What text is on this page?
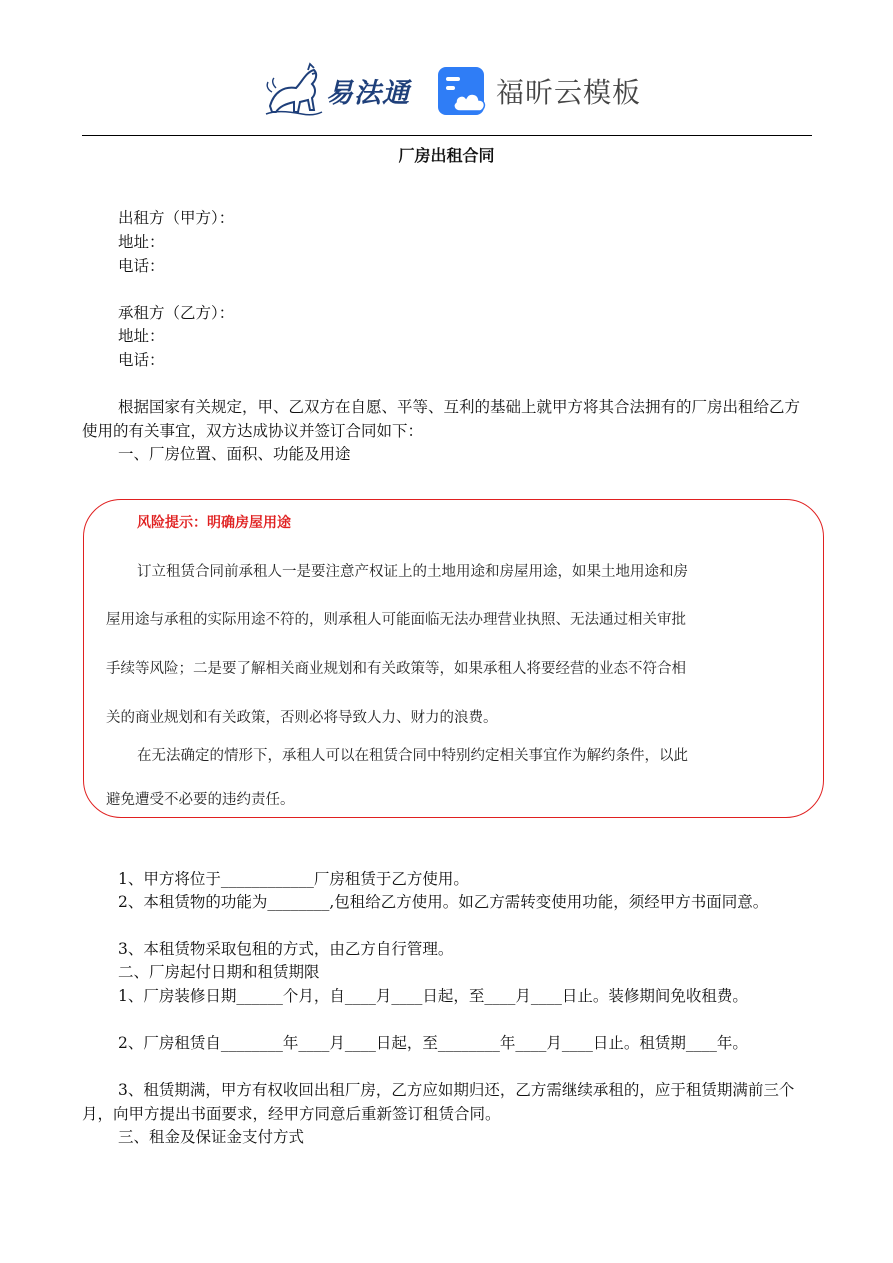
易法通	福昕云模板
厂房出租合同

出租方（甲方）：

地址：

电话：

承租方（乙方）：

地址：

电话：

根据国家有关规定，甲、乙双方在自愿、平等、互利的基础上就甲方将其合法拥有的厂房出租给乙方使用的有关事宜，双方达成协议并签订合同如下：

一、厂房位置、面积、功能及用途

风险提示：明确房屋用途
订立租赁合同前承租人一是要注意产权证上的土地用途和房屋用途，如果土地用途和房
屋用途与承租的实际用途不符的，则承租人可能面临无法办理营业执照、无法通过相关审批
手续等风险；二是要了解相关商业规划和有关政策等，如果承租人将要经营的业态不符合相
关的商业规划和有关政策，否则必将导致人力、财力的浪费。
在无法确定的情形下，承租人可以在租赁合同中特别约定相关事宜作为解约条件，以此
避免遭受不必要的违约责任。

1、甲方将位于____________厂房租赁于乙方使用。

2、本租赁物的功能为________,包租给乙方使用。如乙方需转变使用功能，须经甲方书面同意。

3、本租赁物采取包租的方式，由乙方自行管理。

二、厂房起付日期和租赁期限

1、厂房装修日期______个月，自____月____日起，至____月____日止。装修期间免收租费。

2、厂房租赁自________年____月____日起，至________年____月____日止。租赁期____年。

3、租赁期满，甲方有权收回出租厂房，乙方应如期归还，乙方需继续承租的，应于租赁期满前三个月，向甲方提出书面要求，经甲方同意后重新签订租赁合同。

三、租金及保证金支付方式
